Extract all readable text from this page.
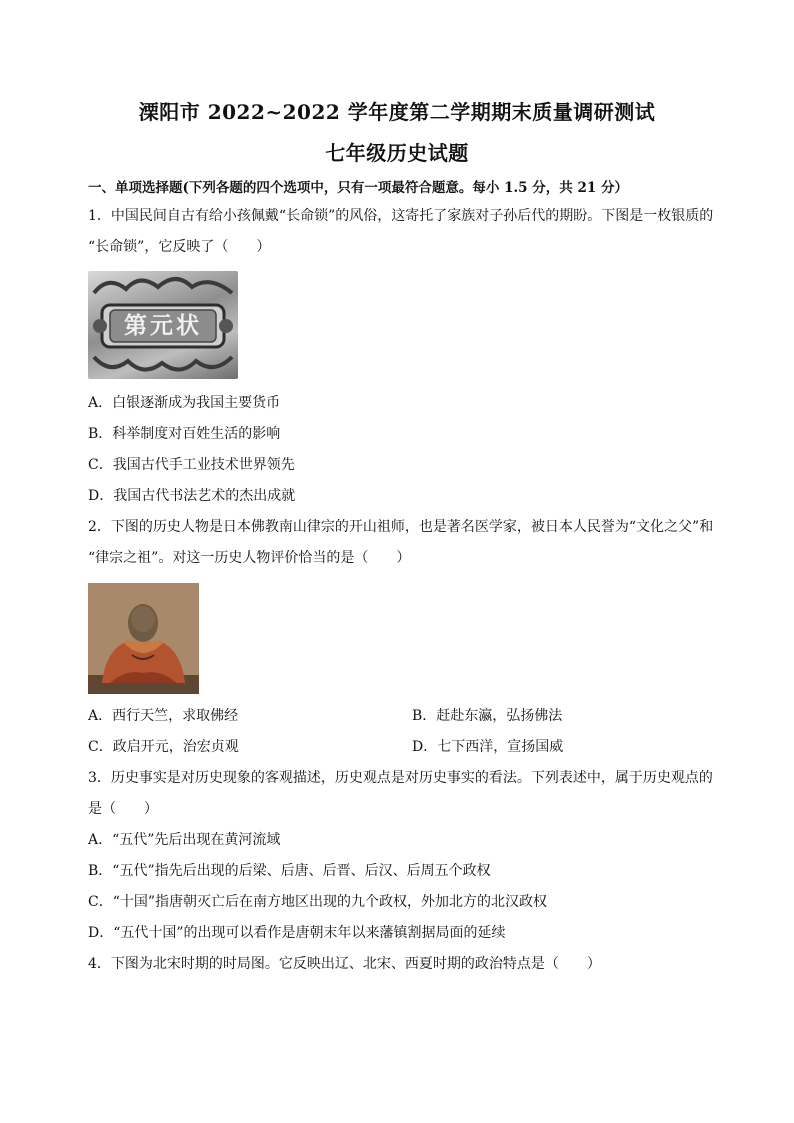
溧阳市 2022~2022 学年度第二学期期末质量调研测试
七年级历史试题
一、单项选择题(下列各题的四个选项中，只有一项最符合题意。每小 1.5 分，共 21 分）
1．中国民间自古有给小孩佩戴“长命锁”的风俗，这寄托了家族对子孙后代的期盼。下图是一枚银质的
“长命锁”，它反映了（　　）
第元状
A．白银逐渐成为我国主要货币
B．科举制度对百姓生活的影响
C．我国古代手工业技术世界领先
D．我国古代书法艺术的杰出成就
2．下图的历史人物是日本佛教南山律宗的开山祖师，也是著名医学家，被日本人民誉为“文化之父”和
“律宗之祖”。对这一历史人物评价恰当的是（　　）
A．西行天竺，求取佛经	B．赶赴东瀛，弘扬佛法
C．政启开元，治宏贞观	D．七下西洋，宣扬国威
3．历史事实是对历史现象的客观描述，历史观点是对历史事实的看法。下列表述中，属于历史观点的
是（　　）
A．“五代”先后出现在黄河流域
B．“五代”指先后出现的后梁、后唐、后晋、后汉、后周五个政权
C．“十国”指唐朝灭亡后在南方地区出现的九个政权，外加北方的北汉政权
D．“五代十国”的出现可以看作是唐朝末年以来藩镇割据局面的延续
4．下图为北宋时期的时局图。它反映出辽、北宋、西夏时期的政治特点是（　　）
